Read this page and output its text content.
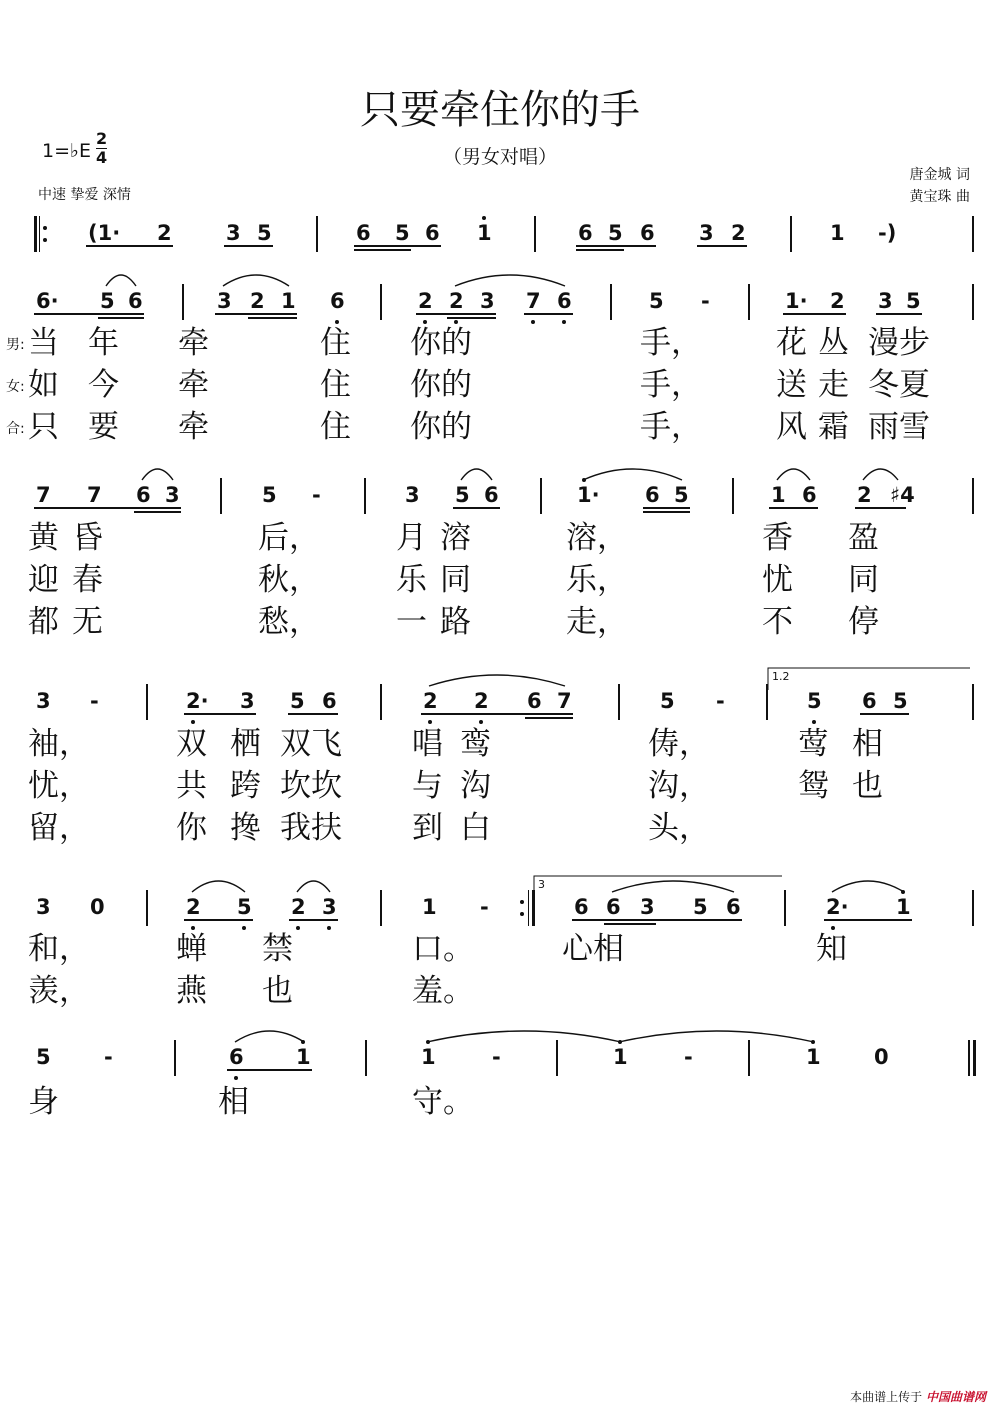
只要牵住你的手
（男女对唱）
1=♭E $\frac{2}{4}$
中速 挚爱 深情
唐金城 词
黄宝珠 曲
(1· 2	3 5	6 5 6 1	6 5 6 3 2	1 -)
6· 5 6	3 2 1 6	2 2 3 7 6	5 -	1· 2 3 5
当 年 牵	住 你的	手， 花 丛 漫步
如 今 牵	住 你的	手， 送 走 冬夏
只 要 牵	住 你的	手， 风 霜 雨雪
7 7 6 3	5 -	3 5 6	1· 6 5	1 6 2 ♯4
黄 昏	后， 月 溶	溶，	香 盈
迎 春	秋， 乐 同	乐，	忧 同
都 无	愁， 一 路	走，	不 停
3 -	2· 3 5 6	2 2 6 7	5 -	5 6 5
袖，	双 栖 双飞 唱 鸾	俦，	莺 相
忧，	共 跨 坎坎 与 沟	沟，	鸳 也
留，	你 搀 我扶 到 白	头，
3 0	2 5 2 3	1 -	6 6 3 5 6	2· 1
和，	蝉 禁	口。	心相	知
羡，	燕 也	羞。
5	-	6 1	1	-	1	-	1	0
身	相	守。
男:
女:
合:
1.2
3
本曲谱上传于 中国曲谱网
